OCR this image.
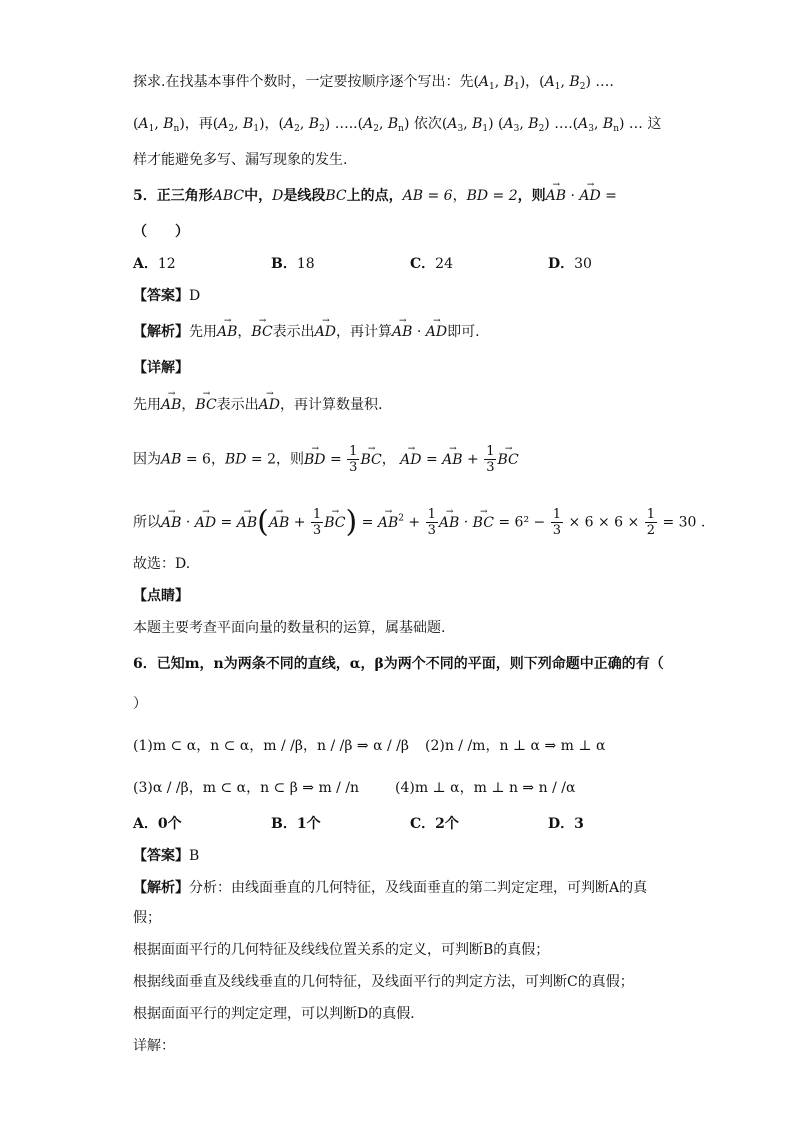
探求.在找基本事件个数时，一定要按顺序逐个写出：先($A_1$, $B_1$)，($A_1$, $B_2$) ….
($A_1$, $B_n$)，再($A_2$, $B_1$)，($A_2$, $B_2$) $\dots..(A_2$, $B_n$) 依次($A_3$, $B_1$) ($A_3$, $B_2$) $\dots.(A_3$, $B_n$) … 这
样才能避免多写、漏写现象的发生.
5．正三角形ABC中，D是线段BC上的点，AB = 6，BD = 2，则→ AB · → AD =
（　　）
A．12	B．18	C．24	D．30
【答案】D
【解析】先用→ AB，→ BC表示出→ AD，再计算→ AB · → AD即可.
【详解】
先用→ AB，→ BC表示出→ AD，再计算数量积.
因为AB = 6，BD = 2，则→ BD = $\frac{1}{3}$
→ BC， → AD = → AB + $\frac{1}{3}$
→ BC
所以→ AB · → AD = → AB(→ AB + $\frac{1}{3}$
→ BC) = → $AB^2 + \frac{1}{3}$
→ AB · → BC = $6^2 - \frac{1}{3} \times 6 \times 6 \times \frac{1}{2} = 30$ .
故选：D.
【点睛】
本题主要考查平面向量的数量积的运算，属基础题.
6．已知m，n为两条不同的直线，α，β为两个不同的平面，则下列命题中正确的有（
）
(1)m ⊂ α，n ⊂ α，m / /β，n / /β ⇒ α / /β (2)n / /m，n ⊥ α ⇒ m ⊥ α
(3)α / /β，m ⊂ α，n ⊂ β ⇒ m / /n	(4)m ⊥ α，m ⊥ n ⇒ n / /α
A．0个	B．1个	C．2个	D．3
【答案】B
【解析】分析：由线面垂直的几何特征，及线面垂直的第二判定定理，可判断A的真
假；
根据面面平行的几何特征及线线位置关系的定义，可判断B的真假；
根据线面垂直及线线垂直的几何特征，及线面平行的判定方法，可判断C的真假；
根据面面平行的判定定理，可以判断D的真假．
详解：
